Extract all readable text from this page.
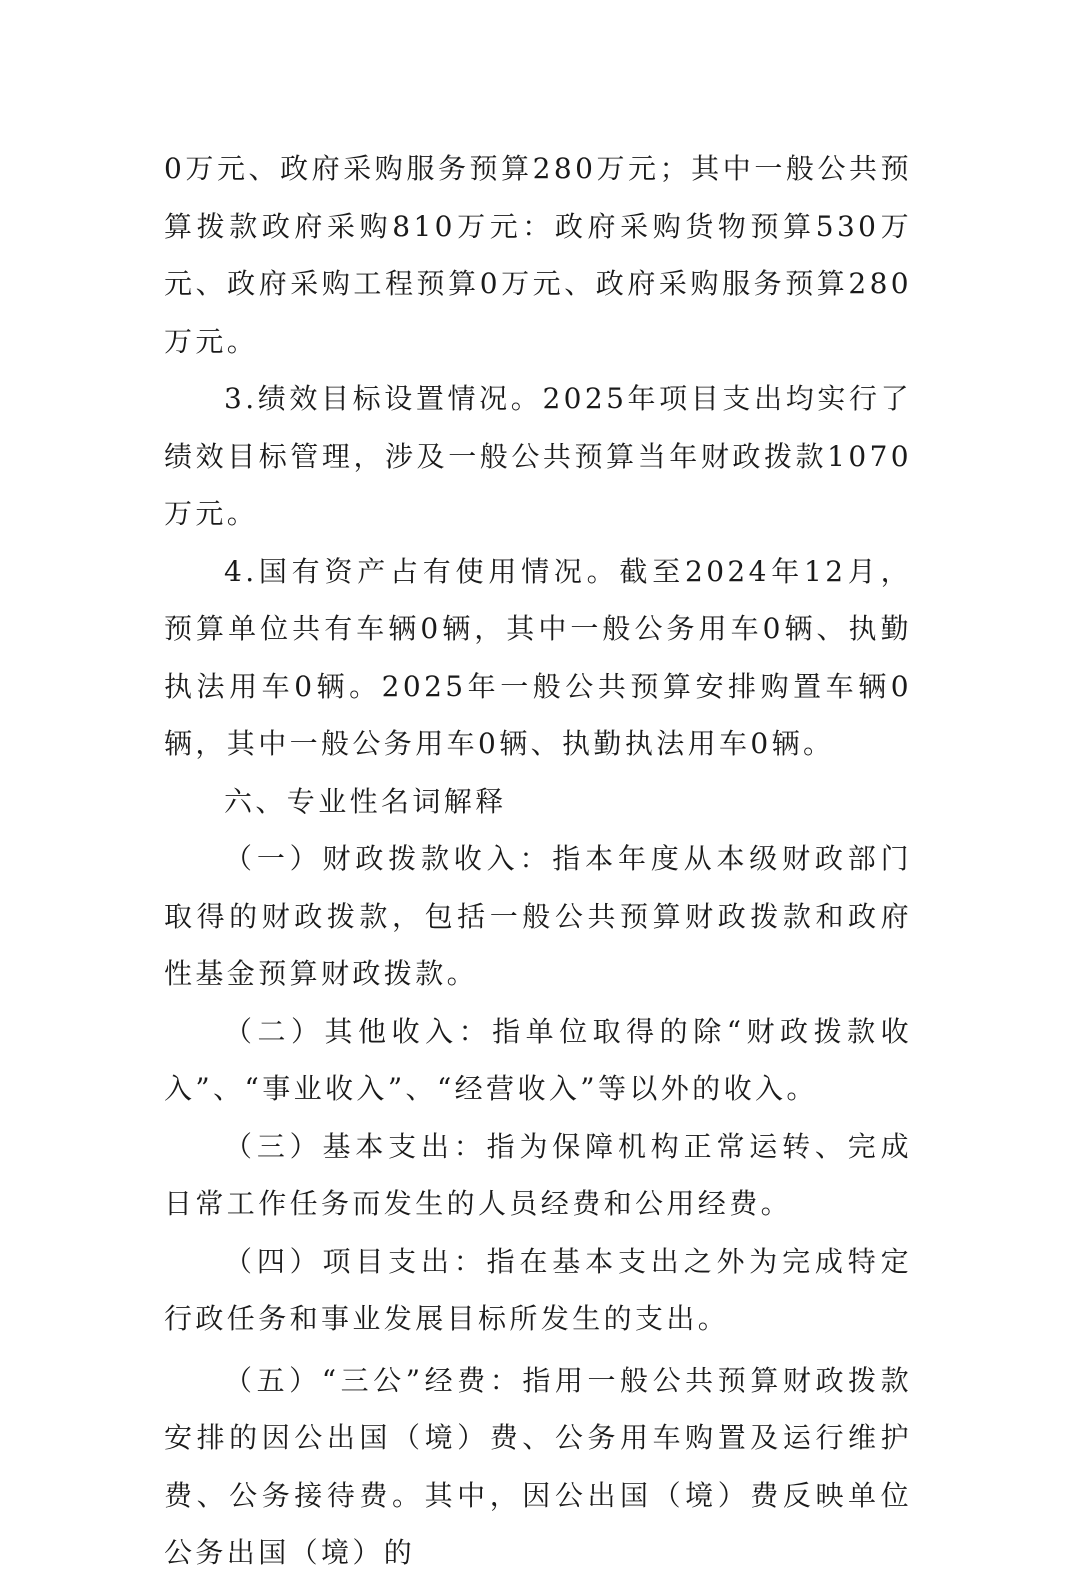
0万元、政府采购服务预算280万元；其中一般公共预算拨款政府采购810万元：政府采购货物预算530万元、政府采购工程预算0万元、政府采购服务预算280万元。

3.绩效目标设置情况。2025年项目支出均实行了绩效目标管理，涉及一般公共预算当年财政拨款1070万元。

4.国有资产占有使用情况。截至2024年12月，预算单位共有车辆0辆，其中一般公务用车0辆、执勤执法用车0辆。2025年一般公共预算安排购置车辆0辆，其中一般公务用车0辆、执勤执法用车0辆。

六、专业性名词解释

（一）财政拨款收入：指本年度从本级财政部门取得的财政拨款，包括一般公共预算财政拨款和政府性基金预算财政拨款。

（二）其他收入：指单位取得的除“财政拨款收入”、“事业收入”、“经营收入”等以外的收入。

（三）基本支出：指为保障机构正常运转、完成日常工作任务而发生的人员经费和公用经费。

（四）项目支出：指在基本支出之外为完成特定行政任务和事业发展目标所发生的支出。

（五）“三公”经费：指用一般公共预算财政拨款安排的因公出国（境）费、公务用车购置及运行维护费、公务接待费。其中，因公出国（境）费反映单位公务出国（境）的
